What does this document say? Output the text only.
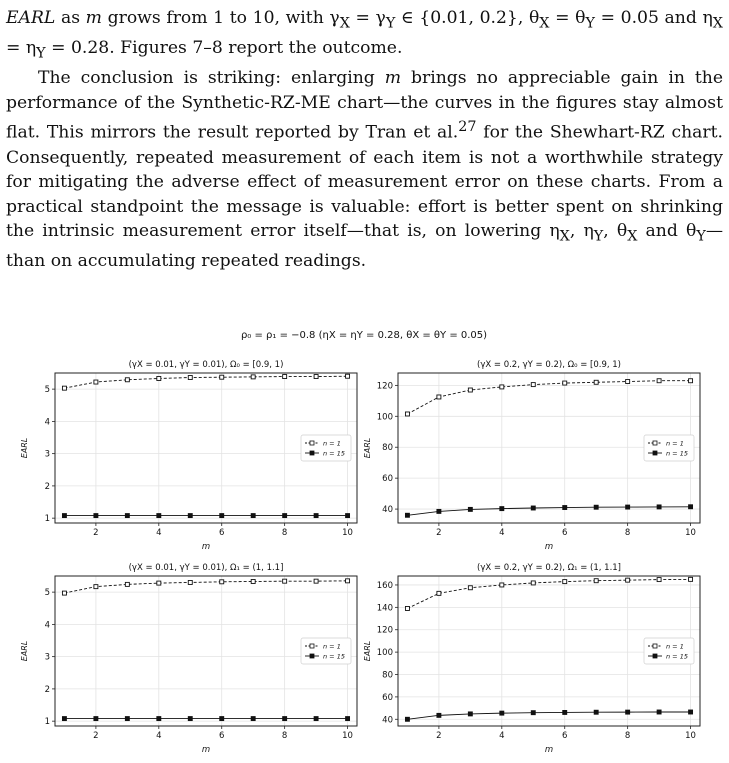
EARL as m grows from 1 to 10, with $\gamma_X = \gamma_Y$ ∈ {0.01, 0.2}, $\theta_X = \theta_Y = 0.05$ and $\eta_X = \eta_Y = 0.28$. Figures 7–8 report the outcome.

The conclusion is striking: enlarging m brings no appreciable gain in the performance of the Synthetic-RZ-ME chart—the curves in the figures stay almost flat. This mirrors the result reported by Tran et al.$^{27}$ for the Shewhart-RZ chart. Consequently, repeated measurement of each item is not a worthwhile strategy for mitigating the adverse effect of measurement error on these charts. From a practical standpoint the message is valuable: effort is better spent on shrinking the intrinsic measurement error itself—that is, on lowering $\eta_X$, $\eta_Y$, $\theta_X$ and $\theta_Y—than$ on accumulating repeated readings.

ρ₀ = ρ₁ = −0.8 (ηX = ηY = 0.28, θX = θY = 0.05)
(γX = 0.01, γY = 0.01), Ω₀ = [0.9, 1)
2	4	6	8	10
1
2
3
4
5
m
EARL	n = 1
n = 15
(γX = 0.2, γY = 0.2), Ω₀ = [0.9, 1)
2	4	6	8	10
40
60
80
100
120
m
EARL	n = 1
n = 15
(γX = 0.01, γY = 0.01), Ω₁ = (1, 1.1]
2	4	6	8	10
1
2
3
4
5
m
EARL	n = 1
n = 15
(γX = 0.2, γY = 0.2), Ω₁ = (1, 1.1]
2	4	6	8	10
40
60
80
100
120
140
160
m
EARL	n = 1
n = 15
